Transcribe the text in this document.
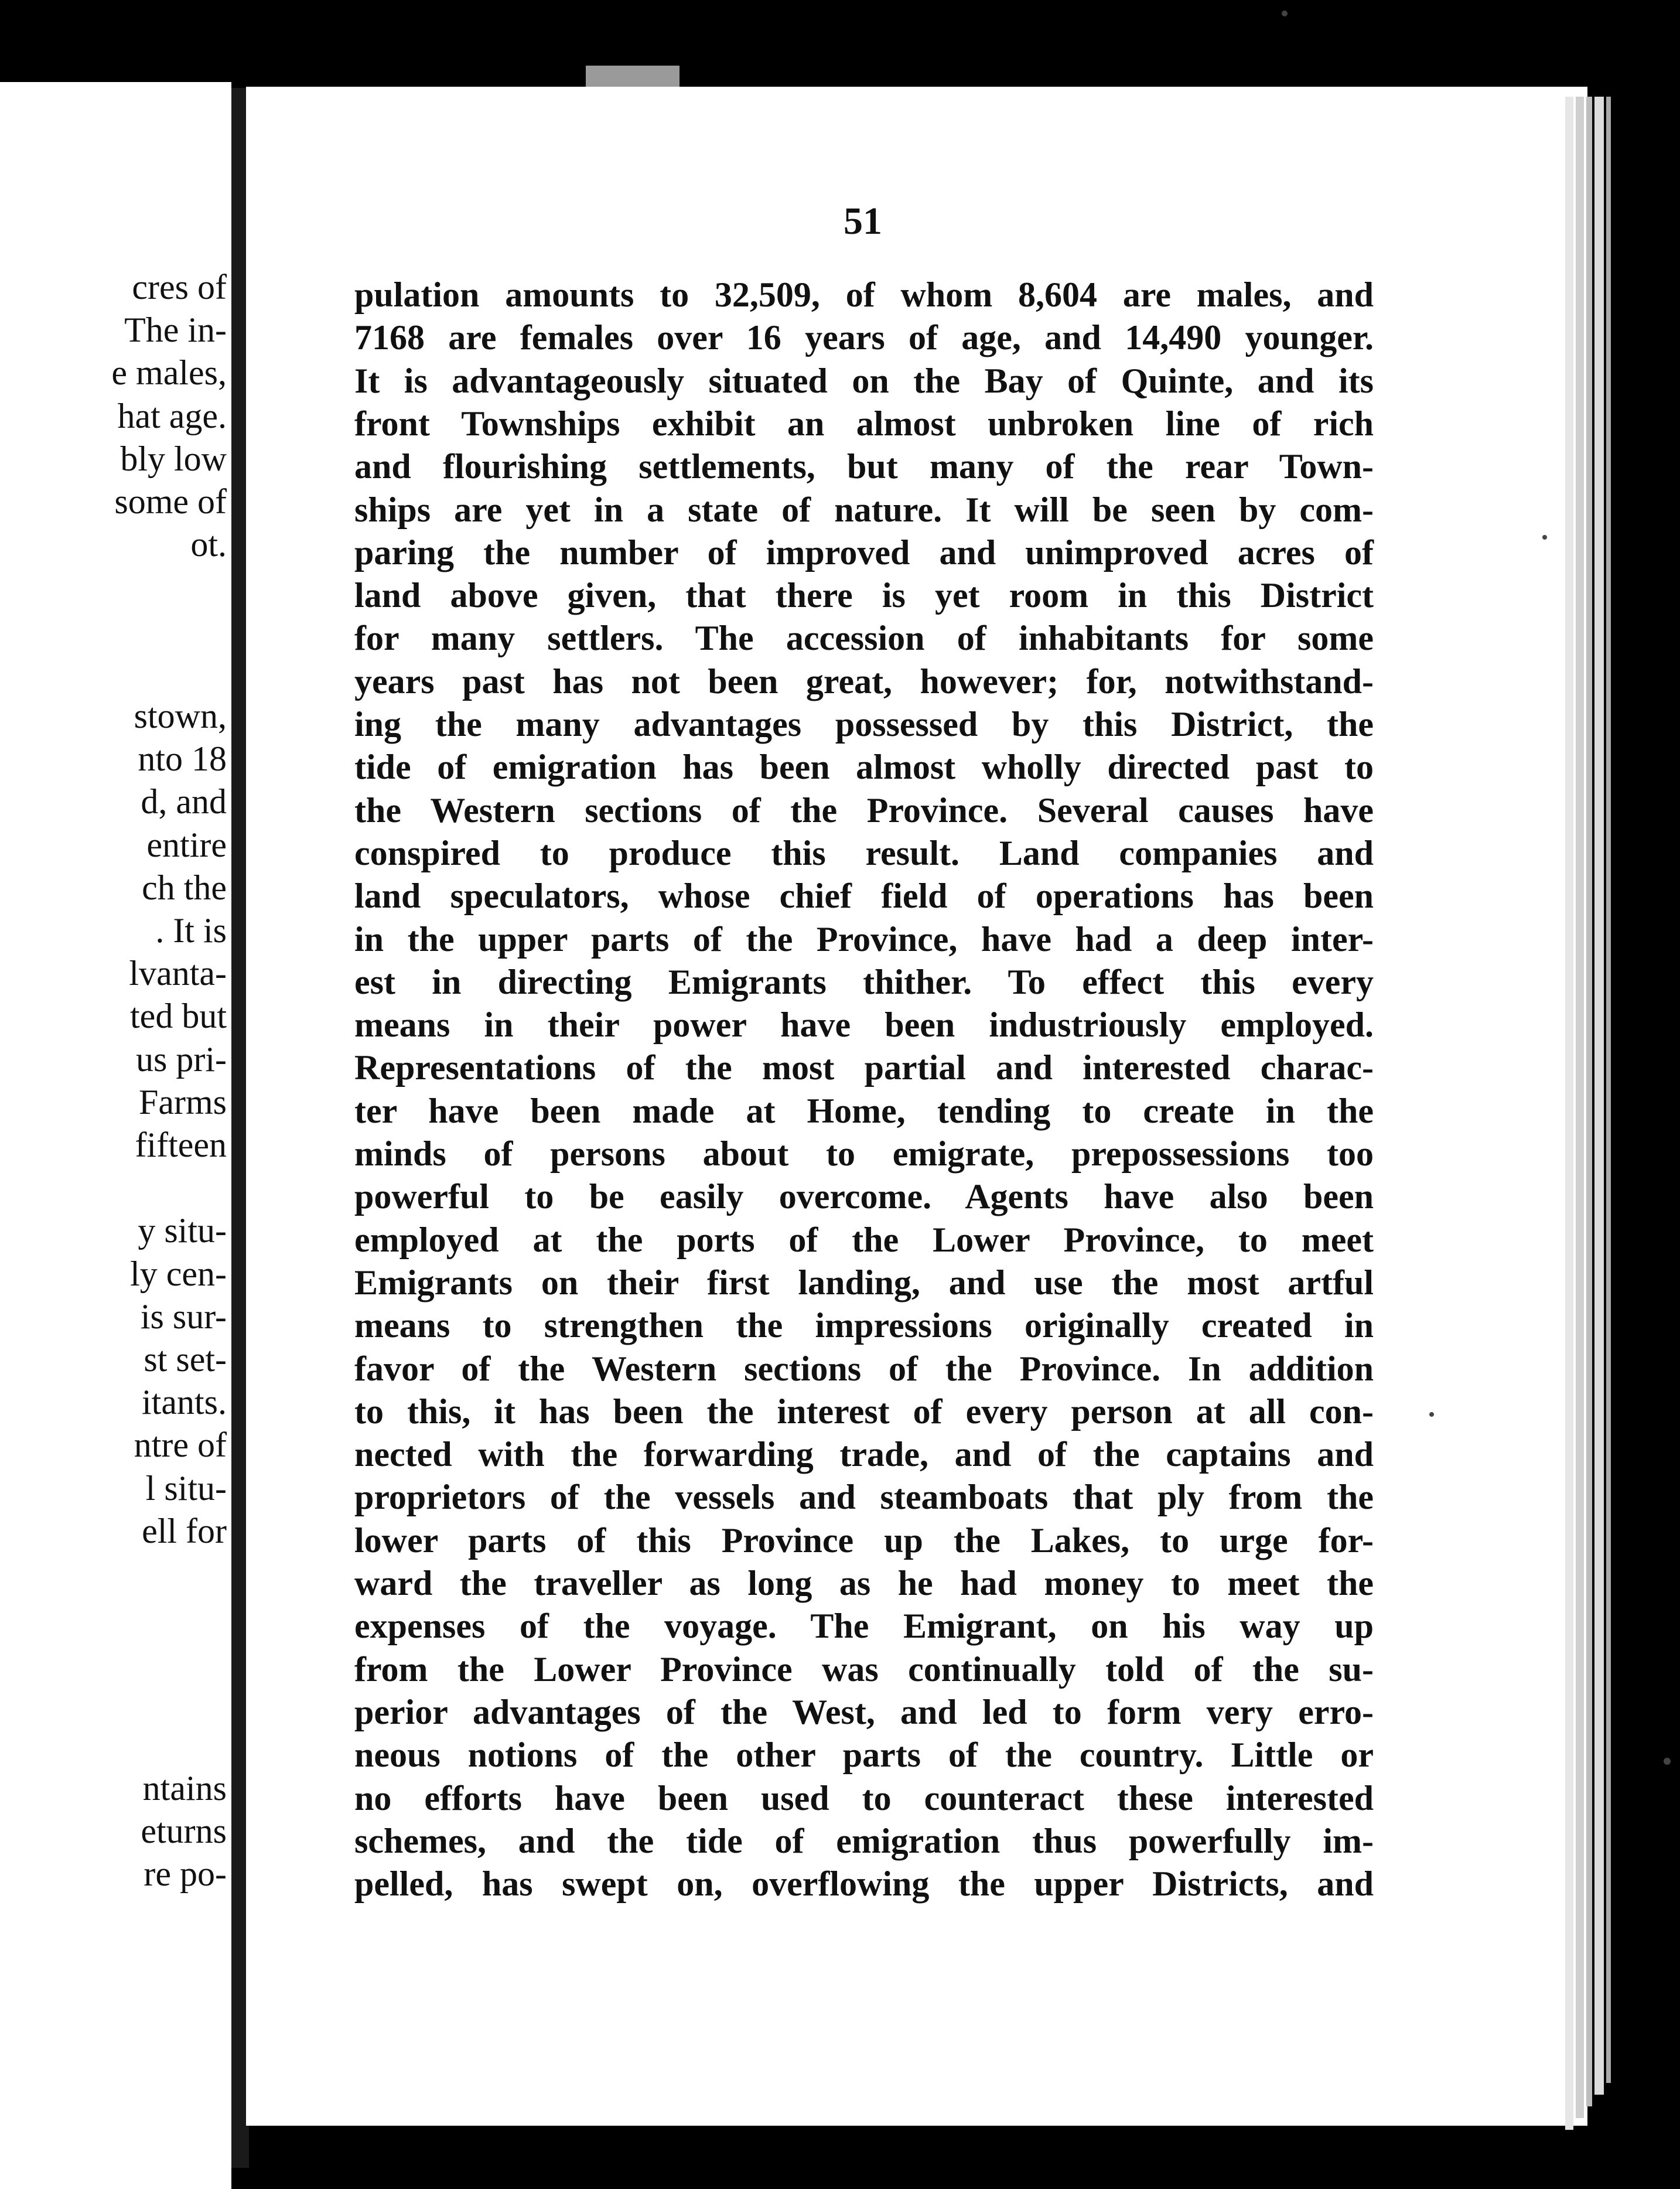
cres of
The in-
e males,
hat age.
bly low
some of
ot.
stown,
nto 18
d, and
entire
ch the
. It is
lvanta-
ted but
us pri-
Farms
fifteen
y situ-
ly cen-
is sur-
st set-
itants.
ntre of
l situ-
ell for
ntains
eturns
re po-
51
pulation amounts to 32,509, of whom 8,604 are males, and
7168 are females over 16 years of age, and 14,490 younger.
It is advantageously situated on the Bay of Quinte, and its
front Townships exhibit an almost unbroken line of rich
and flourishing settlements, but many of the rear Town-
ships are yet in a state of nature. It will be seen by com-
paring the number of improved and unimproved acres of
land above given, that there is yet room in this District
for many settlers. The accession of inhabitants for some
years past has not been great, however; for, notwithstand-
ing the many advantages possessed by this District, the
tide of emigration has been almost wholly directed past to
the Western sections of the Province. Several causes have
conspired to produce this result. Land companies and
land speculators, whose chief field of operations has been
in the upper parts of the Province, have had a deep inter-
est in directing Emigrants thither. To effect this every
means in their power have been industriously employed.
Representations of the most partial and interested charac-
ter have been made at Home, tending to create in the
minds of persons about to emigrate, prepossessions too
powerful to be easily overcome. Agents have also been
employed at the ports of the Lower Province, to meet
Emigrants on their first landing, and use the most artful
means to strengthen the impressions originally created in
favor of the Western sections of the Province. In addition
to this, it has been the interest of every person at all con-
nected with the forwarding trade, and of the captains and
proprietors of the vessels and steamboats that ply from the
lower parts of this Province up the Lakes, to urge for-
ward the traveller as long as he had money to meet the
expenses of the voyage. The Emigrant, on his way up
from the Lower Province was continually told of the su-
perior advantages of the West, and led to form very erro-
neous notions of the other parts of the country. Little or
no efforts have been used to counteract these interested
schemes, and the tide of emigration thus powerfully im-
pelled, has swept on, overflowing the upper Districts, and
